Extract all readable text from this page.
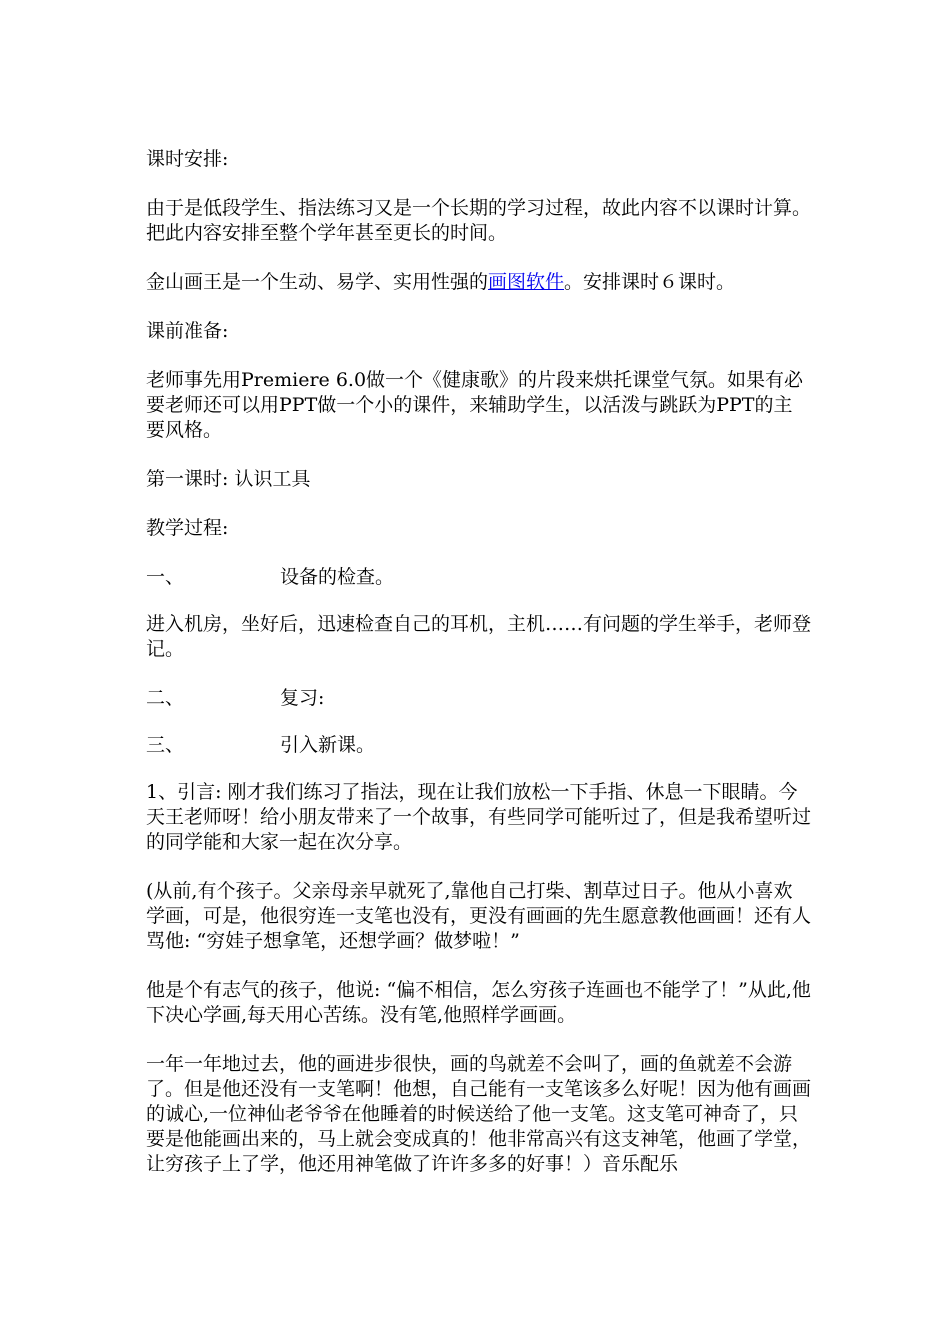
课时安排:

由于是低段学生、指法练习又是一个长期的学习过程，故此内容不以课时计算。把此内容安排至整个学年甚至更长的时间。

金山画王是一个生动、易学、实用性强的画图软件。安排课时６课时。

课前准备:

老师事先用Premiere 6.0做一个《健康歌》的片段来烘托课堂气氛。如果有必要老师还可以用PPT做一个小的课件，来辅助学生，以活泼与跳跃为PPT的主要风格。

第一课时: 认识工具

教学过程:

一、	设备的检查。

进入机房，坐好后，迅速检查自己的耳机，主机……有问题的学生举手，老师登记。

二、	复习:

三、	引入新课。

1、引言: 刚才我们练习了指法，现在让我们放松一下手指、休息一下眼睛。今天王老师呀！给小朋友带来了一个故事，有些同学可能听过了，但是我希望听过的同学能和大家一起在次分享。

(从前,有个孩子。父亲母亲早就死了,靠他自己打柴、割草过日子。他从小喜欢学画，可是，他很穷连一支笔也没有，更没有画画的先生愿意教他画画！还有人骂他: “穷娃子想拿笔，还想学画？做梦啦！”

他是个有志气的孩子，他说: “偏不相信，怎么穷孩子连画也不能学了！”从此,他下决心学画,每天用心苦练。没有笔,他照样学画画。

一年一年地过去，他的画进步很快，画的鸟就差不会叫了，画的鱼就差不会游了。但是他还没有一支笔啊！他想，自己能有一支笔该多么好呢！因为他有画画的诚心,一位神仙老爷爷在他睡着的时候送给了他一支笔。这支笔可神奇了，只要是他能画出来的，马上就会变成真的！他非常高兴有这支神笔，他画了学堂，让穷孩子上了学，他还用神笔做了许许多多的好事！）音乐配乐
